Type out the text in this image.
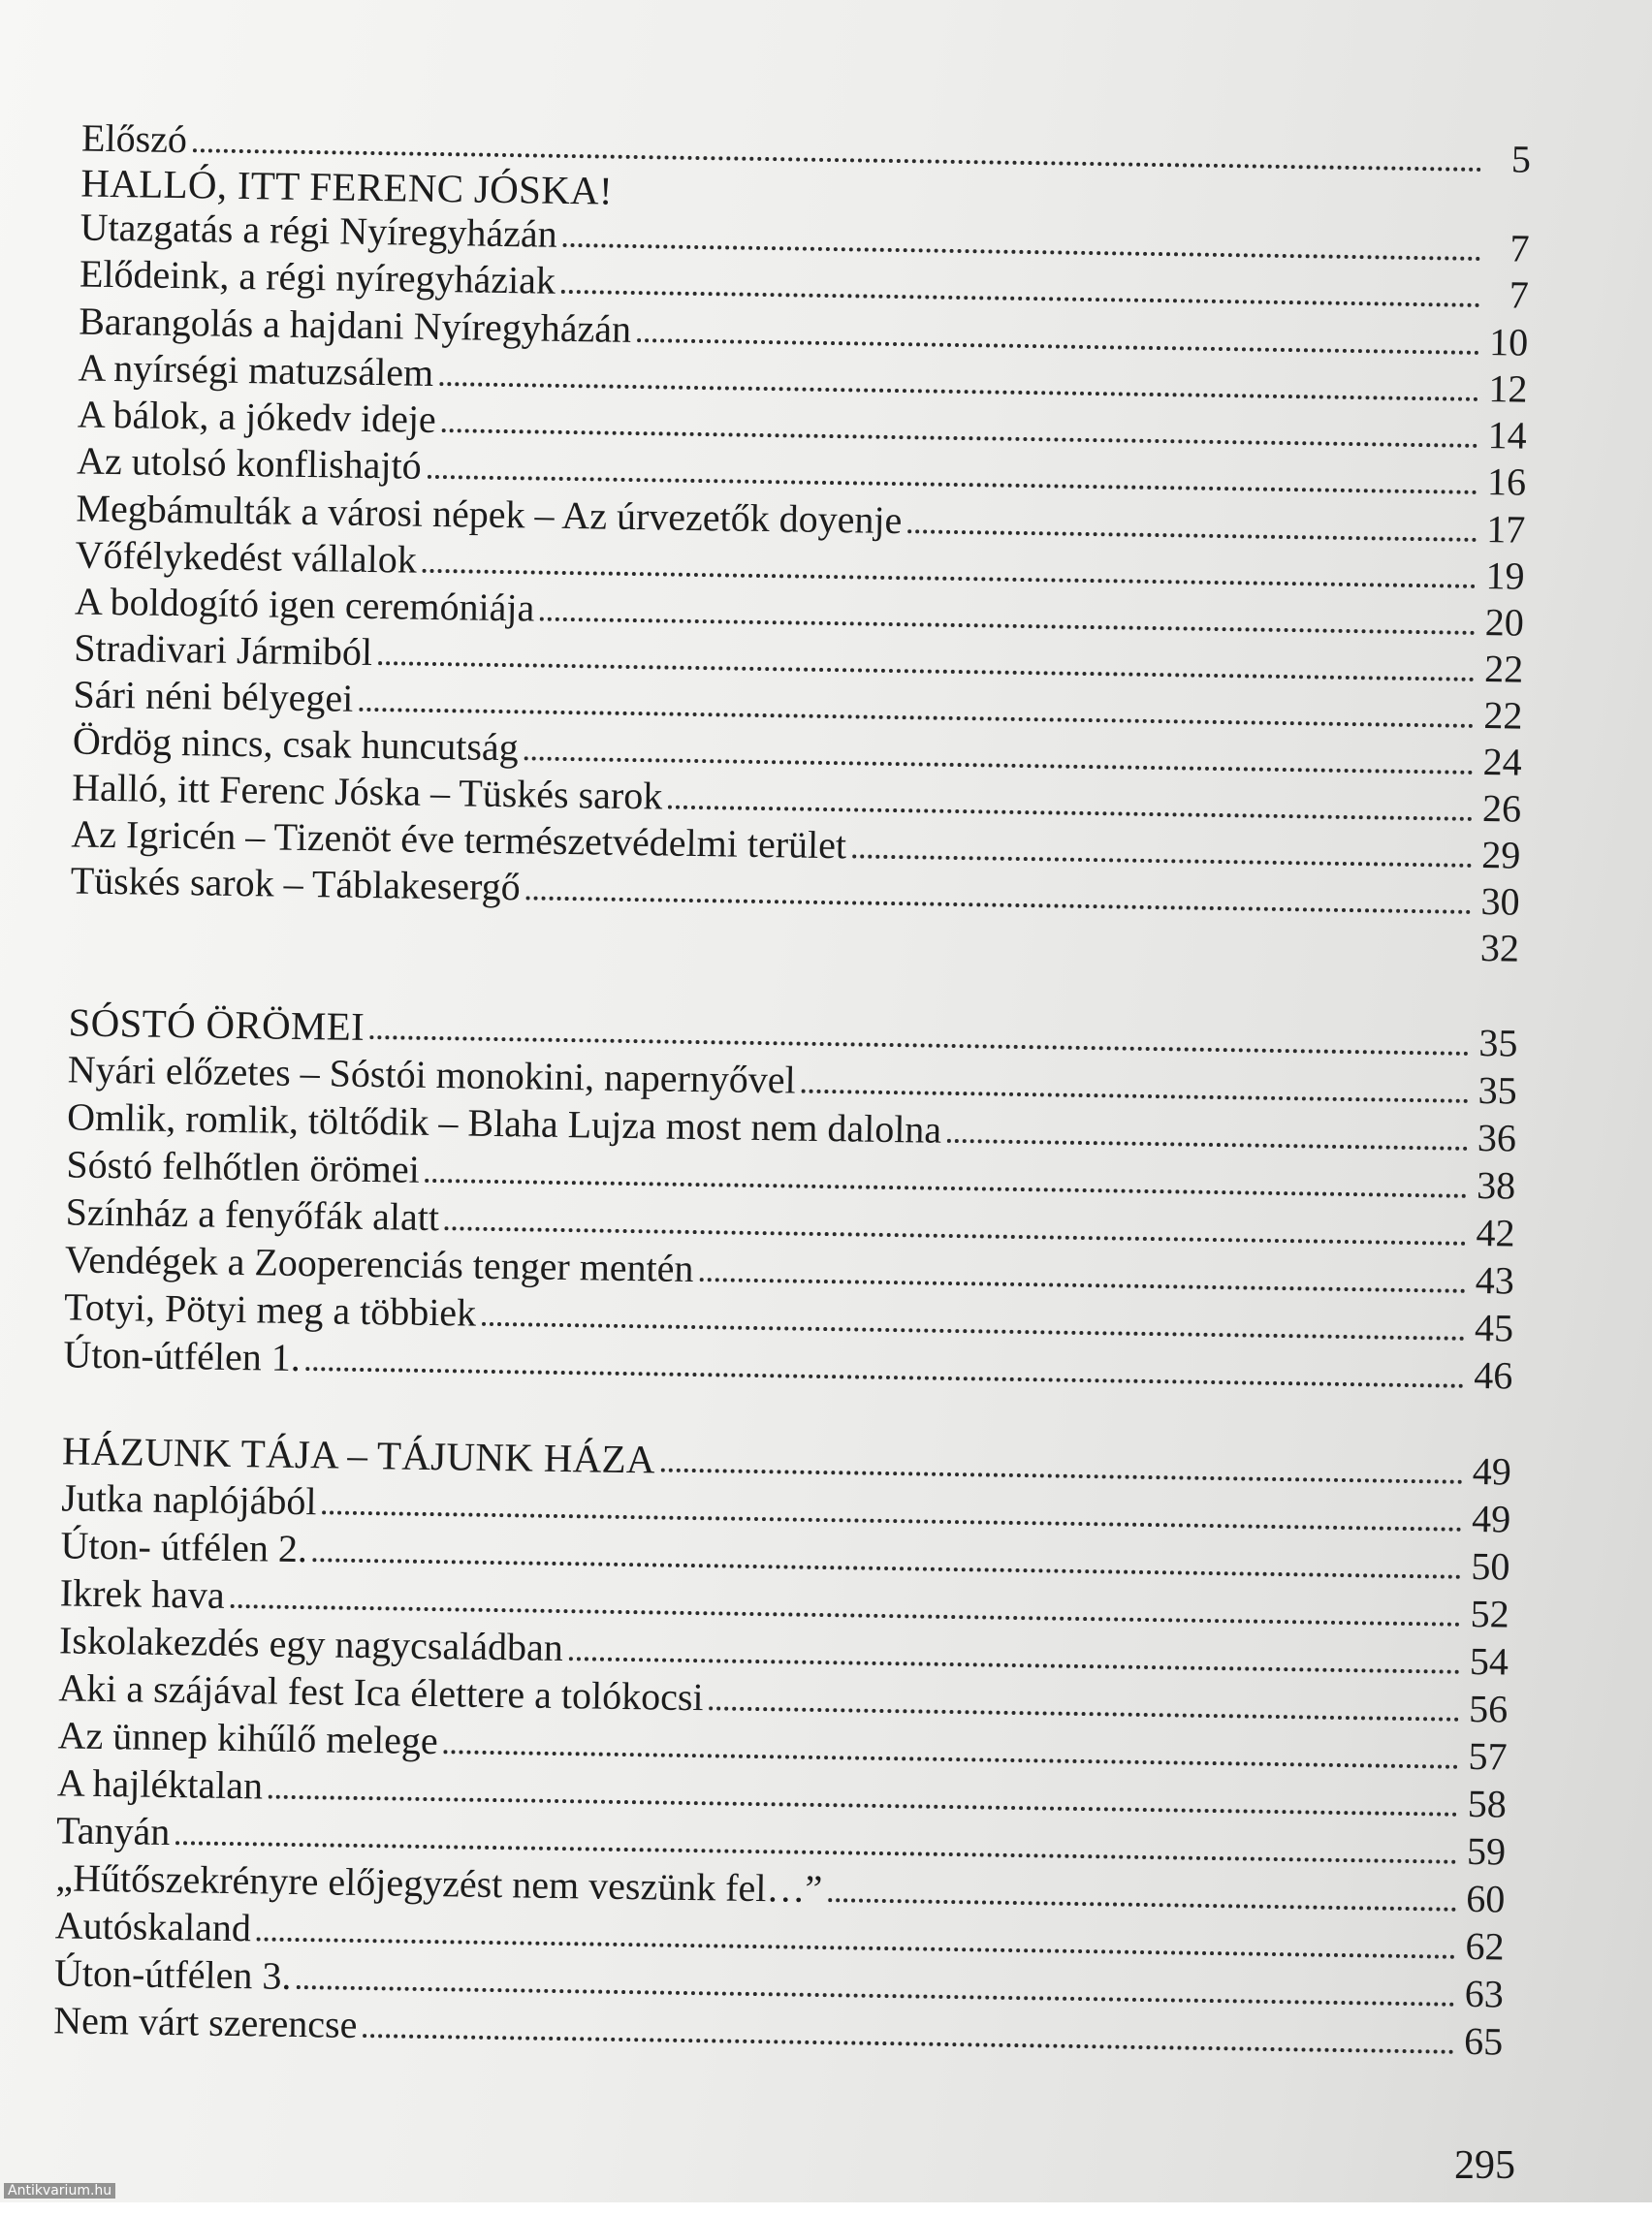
Előszó	5
HALLÓ, ITT FERENC JÓSKA!
Utazgatás a régi Nyíregyházán	7
Elődeink, a régi nyíregyháziak	7
Barangolás a hajdani Nyíregyházán	10
A nyírségi matuzsálem	12
A bálok, a jókedv ideje	14
Az utolsó konflishajtó	16
Megbámulták a városi népek – Az úrvezetők doyenje	17
Vőfélykedést vállalok	19
A boldogító igen ceremóniája	20
Stradivari Jármiból	22
Sári néni bélyegei	22
Ördög nincs, csak huncutság	24
Halló, itt Ferenc Jóska – Tüskés sarok	26
Az Igricén – Tizenöt éve természetvédelmi terület	29
Tüskés sarok – Táblakesergő	30
32
SÓSTÓ ÖRÖMEI	35
Nyári előzetes – Sóstói monokini, napernyővel	35
Omlik, romlik, töltődik – Blaha Lujza most nem dalolna	36
Sóstó felhőtlen örömei	38
Színház a fenyőfák alatt	42
Vendégek a Zooperenciás tenger mentén	43
Totyi, Pötyi meg a többiek	45
Úton-útfélen 1.	46
HÁZUNK TÁJA – TÁJUNK HÁZA	49
Jutka naplójából	49
Úton- útfélen 2.	50
Ikrek hava	52
Iskolakezdés egy nagycsaládban	54
Aki a szájával fest Ica élettere a tolókocsi	56
Az ünnep kihűlő melege	57
A hajléktalan	58
Tanyán	59
„Hűtőszekrényre előjegyzést nem veszünk fel…”	60
Autóskaland	62
Úton-útfélen 3.	63
Nem várt szerencse	65
295
Antikvarium.hu
